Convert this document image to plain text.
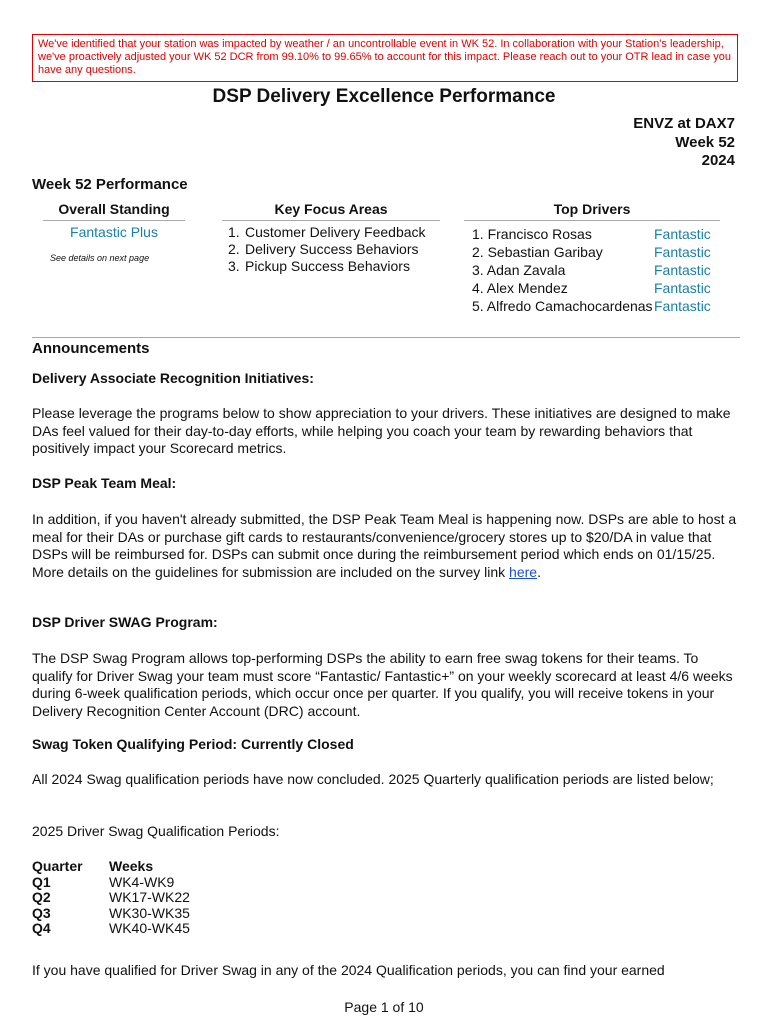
We've identified that your station was impacted by weather / an uncontrollable event in WK 52. In collaboration with your Station's leadership, we've proactively adjusted your WK 52 DCR from 99.10% to 99.65% to account for this impact. Please reach out to your OTR lead in case you have any questions.
DSP Delivery Excellence Performance
ENVZ at DAX7
Week 52
2024
Week 52 Performance
Overall Standing
Fantastic Plus
See details on next page
Key Focus Areas
1. Customer Delivery Feedback
2. Delivery Success Behaviors
3. Pickup Success Behaviors
Top Drivers
1. Francisco Rosas	Fantastic
2. Sebastian Garibay	Fantastic
3. Adan Zavala	Fantastic
4. Alex Mendez	Fantastic
5. Alfredo Camachocardenas Fantastic
Announcements

Delivery Associate Recognition Initiatives:

Please leverage the programs below to show appreciation to your drivers. These initiatives are designed to make DAs feel valued for their day-to-day efforts, while helping you coach your team by rewarding behaviors that positively impact your Scorecard metrics.

DSP Peak Team Meal:

In addition, if you haven't already submitted, the DSP Peak Team Meal is happening now. DSPs are able to host a meal for their DAs or purchase gift cards to restaurants/convenience/grocery stores up to $20/DA in value that DSPs will be reimbursed for. DSPs can submit once during the reimbursement period which ends on 01/15/25. More details on the guidelines for submission are included on the survey link here.

DSP Driver SWAG Program:

The DSP Swag Program allows top-performing DSPs the ability to earn free swag tokens for their teams. To qualify for Driver Swag your team must score “Fantastic/ Fantastic+” on your weekly scorecard at least 4/6 weeks during 6-week qualification periods, which occur once per quarter. If you qualify, you will receive tokens in your Delivery Recognition Center Account (DRC) account.

Swag Token Qualifying Period: Currently Closed

All 2024 Swag qualification periods have now concluded. 2025 Quarterly qualification periods are listed below;

2025 Driver Swag Qualification Periods:

Quarter	Weeks
Q1	WK4-WK9
Q2	WK17-WK22
Q3	WK30-WK35
Q4	WK40-WK45

If you have qualified for Driver Swag in any of the 2024 Qualification periods, you can find your earned

Page 1 of 10
